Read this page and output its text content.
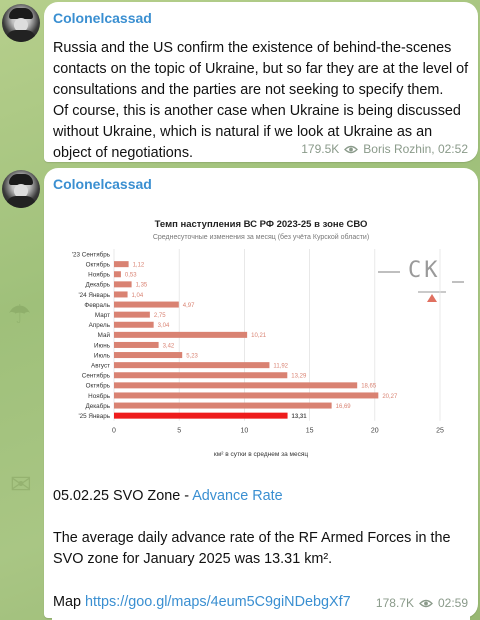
☂
✉
Colonelcassad
Russia and the US confirm the existence of behind-the-scenes contacts on the topic of Ukraine, but so far they are at the level of consultations and the parties are not seeking to specify them.
Of course, this is another case when Ukraine is being discussed without Ukraine, which is natural if we look at Ukraine as an object of negotiations.	179.5K Boris Rozhin, 02:52
Colonelcassad
Темп наступления ВС РФ 2023-25 в зоне СВО
Среднесуточные изменения за месяц (без учёта Курской области)
CK
0	5	10	15	20	25
'23 Сентябрь
Октябрь	1,12
Ноябрь 0,53
Декабрь	1,35
'24 Январь	1,04
Февраль	4,97
Март	2,75
Апрель	3,04
Май	10,21
Июнь	3,42
Июль	5,23
Август	11,92
Сентябрь	13,29
Октябрь	18,65
Ноябрь	20,27
Декабрь	16,69
'25 Январь	13,31
км² в сутки в среднем за месяц
05.02.25 SVO Zone - Advance Rate
The average daily advance rate of the RF Armed Forces in the SVO zone for January 2025 was 13.31 km².
Map https://goo.gl/maps/4eum5C9giNDebgXf7 178.7K 02:59
